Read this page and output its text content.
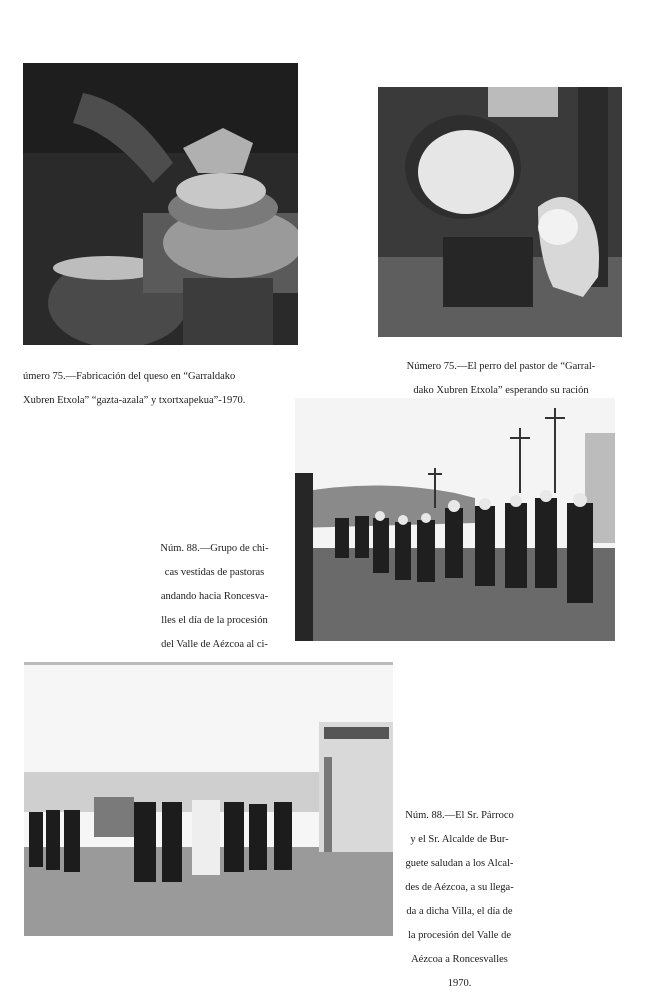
úmero 75.—Fabricación del queso en “Garraldako

Xubren Etxola” “gazta-azala” y txortxapekua”-1970.

Número 75.—El perro del pastor de “Garral-

dako Xubren Etxola” esperando su ración

Núm. 88.—Grupo de chi-

cas vestidas de pastoras

andando hacia Roncesva-

lles el día de la procesión

del Valle de Aézcoa al ci-

Núm. 88.—El Sr. Párroco

y el Sr. Alcalde de Bur-

guete saludan a los Alcal-

des de Aézcoa, a su llega-

da a dicha Villa, el día de

la procesión del Valle de

Aézcoa a Roncesvalles

1970.
